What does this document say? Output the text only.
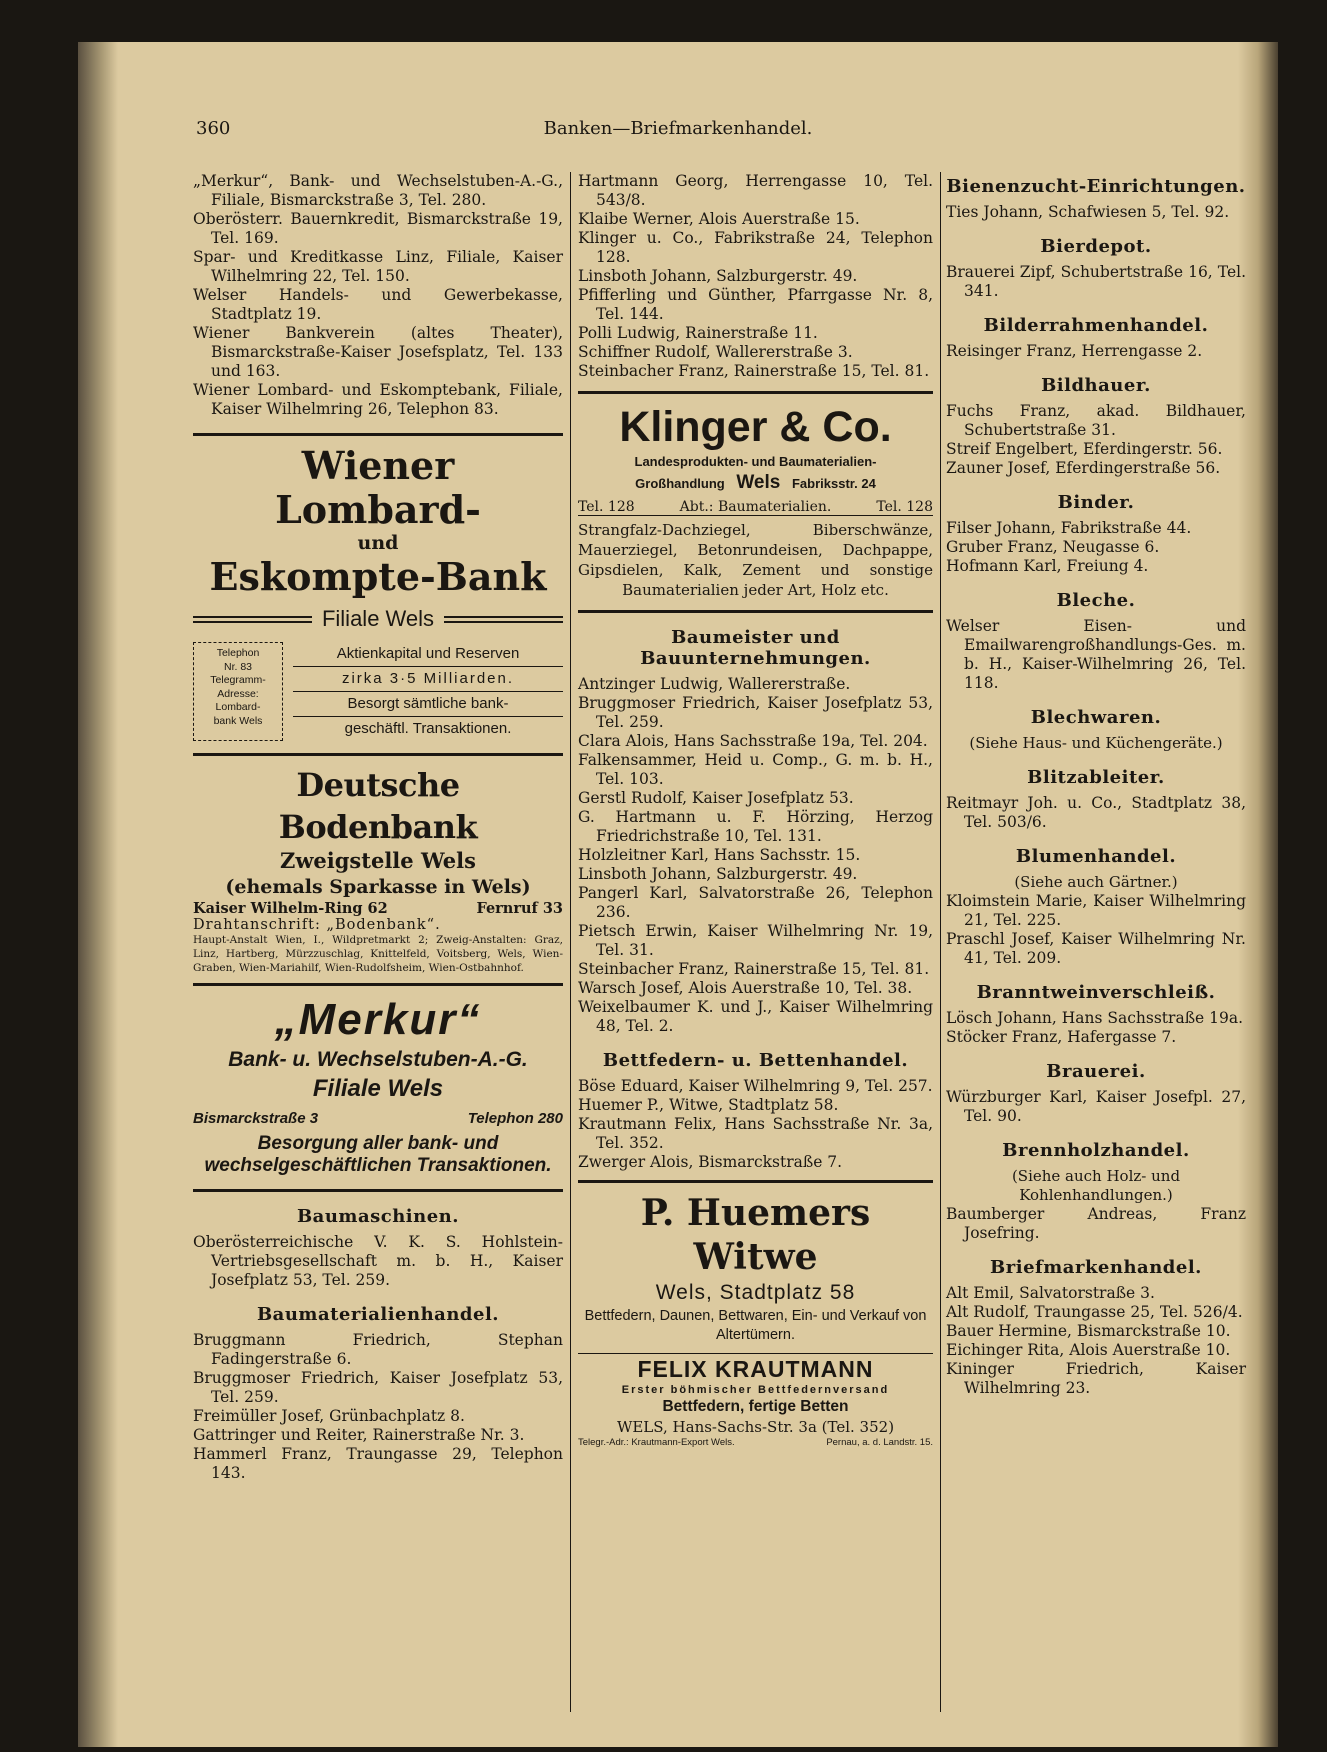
360	Banken—Briefmarkenhandel.
„Merkur“, Bank- und Wechselstuben-A.-G., Filiale, Bismarckstraße 3, Tel. 280.
Oberösterr. Bauernkredit, Bismarckstraße 19, Tel. 169.
Spar- und Kreditkasse Linz, Filiale, Kaiser Wilhelmring 22, Tel. 150.
Welser Handels- und Gewerbekasse, Stadtplatz 19.
Wiener Bankverein (altes Theater), Bismarckstraße-Kaiser Josefsplatz, Tel. 133 und 163.
Wiener Lombard- und Eskomptebank, Filiale, Kaiser Wilhelmring 26, Telephon 83.
Wiener Lombard-
und
Eskompte-Bank
Filiale Wels
Telephon
Nr. 83
Telegramm-
Adresse:
Lombard-
bank Wels
Aktienkapital und Reserven
zirka 3·5 Milliarden.
Besorgt sämtliche bank-
geschäftl. Transaktionen.
Deutsche Bodenbank
Zweigstelle Wels
(ehemals Sparkasse in Wels)
Kaiser Wilhelm-Ring 62	Fernruf 33
Drahtanschrift: „Bodenbank“.
Haupt-Anstalt Wien, I., Wildpretmarkt 2; Zweig-Anstalten: Graz, Linz, Hartberg, Mürzzuschlag, Knittelfeld, Voitsberg, Wels, Wien-Graben, Wien-Mariahilf, Wien-Rudolfsheim, Wien-Ostbahnhof.
„Merkur“
Bank- u. Wechselstuben-A.-G.
Filiale Wels
Bismarckstraße 3	Telephon 280
Besorgung aller bank- und wechselgeschäftlichen Transaktionen.
Baumaschinen.
Oberösterreichische V. K. S. Hohlstein-Vertriebsgesellschaft m. b. H., Kaiser Josefplatz 53, Tel. 259.
Baumaterialienhandel.
Bruggmann Friedrich, Stephan Fadingerstraße 6.
Bruggmoser Friedrich, Kaiser Josefplatz 53, Tel. 259.
Freimüller Josef, Grünbachplatz 8.
Gattringer und Reiter, Rainerstraße Nr. 3.
Hammerl Franz, Traungasse 29, Telephon 143.
Hartmann Georg, Herrengasse 10, Tel. 543/8.
Klaibe Werner, Alois Auerstraße 15.
Klinger u. Co., Fabrikstraße 24, Telephon 128.
Linsboth Johann, Salzburgerstr. 49.
Pfifferling und Günther, Pfarrgasse Nr. 8, Tel. 144.
Polli Ludwig, Rainerstraße 11.
Schiffner Rudolf, Wallererstraße 3.
Steinbacher Franz, Rainerstraße 15, Tel. 81.
Klinger & Co.
Landesprodukten- und Baumaterialien-
Großhandlung Wels Fabriksstr. 24
Tel. 128	Abt.: Baumaterialien.	Tel. 128
Strangfalz-Dachziegel, Biberschwänze, Mauerziegel, Betonrundeisen, Dachpappe, Gipsdielen, Kalk, Zement und sonstige Baumaterialien jeder Art, Holz etc.
Baumeister und Bauunternehmungen.
Antzinger Ludwig, Wallererstraße.
Bruggmoser Friedrich, Kaiser Josefplatz 53, Tel. 259.
Clara Alois, Hans Sachsstraße 19a, Tel. 204.
Falkensammer, Heid u. Comp., G. m. b. H., Tel. 103.
Gerstl Rudolf, Kaiser Josefplatz 53.
G. Hartmann u. F. Hörzing, Herzog Friedrichstraße 10, Tel. 131.
Holzleitner Karl, Hans Sachsstr. 15.
Linsboth Johann, Salzburgerstr. 49.
Pangerl Karl, Salvatorstraße 26, Telephon 236.
Pietsch Erwin, Kaiser Wilhelmring Nr. 19, Tel. 31.
Steinbacher Franz, Rainerstraße 15, Tel. 81.
Warsch Josef, Alois Auerstraße 10, Tel. 38.
Weixelbaumer K. und J., Kaiser Wilhelmring 48, Tel. 2.
Bettfedern- u. Bettenhandel.
Böse Eduard, Kaiser Wilhelmring 9, Tel. 257.
Huemer P., Witwe, Stadtplatz 58.
Krautmann Felix, Hans Sachsstraße Nr. 3a, Tel. 352.
Zwerger Alois, Bismarckstraße 7.
P. Huemers Witwe
Wels, Stadtplatz 58
Bettfedern, Daunen, Bettwaren, Ein- und Verkauf von Altertümern.
FELIX KRAUTMANN
Erster böhmischer Bettfedernversand
Bettfedern, fertige Betten
WELS, Hans-Sachs-Str. 3a (Tel. 352)
Telegr.-Adr.: Krautmann-Export Wels.	Pernau, a. d. Landstr. 15.
Bienenzucht-Einrichtungen.
Ties Johann, Schafwiesen 5, Tel. 92.
Bierdepot.
Brauerei Zipf, Schubertstraße 16, Tel. 341.
Bilderrahmenhandel.
Reisinger Franz, Herrengasse 2.
Bildhauer.
Fuchs Franz, akad. Bildhauer, Schubertstraße 31.
Streif Engelbert, Eferdingerstr. 56.
Zauner Josef, Eferdingerstraße 56.
Binder.
Filser Johann, Fabrikstraße 44.
Gruber Franz, Neugasse 6.
Hofmann Karl, Freiung 4.
Bleche.
Welser Eisen- und Emailwarengroßhandlungs-Ges. m. b. H., Kaiser-Wilhelmring 26, Tel. 118.
Blechwaren.
(Siehe Haus- und Küchengeräte.)
Blitzableiter.
Reitmayr Joh. u. Co., Stadtplatz 38, Tel. 503/6.
Blumenhandel.
(Siehe auch Gärtner.)
Kloimstein Marie, Kaiser Wilhelmring 21, Tel. 225.
Praschl Josef, Kaiser Wilhelmring Nr. 41, Tel. 209.
Branntweinverschleiß.
Lösch Johann, Hans Sachsstraße 19a.
Stöcker Franz, Hafergasse 7.
Brauerei.
Würzburger Karl, Kaiser Josefpl. 27, Tel. 90.
Brennholzhandel.
(Siehe auch Holz- und Kohlenhandlungen.)
Baumberger Andreas, Franz Josefring.
Briefmarkenhandel.
Alt Emil, Salvatorstraße 3.
Alt Rudolf, Traungasse 25, Tel. 526/4.
Bauer Hermine, Bismarckstraße 10.
Eichinger Rita, Alois Auerstraße 10.
Kininger Friedrich, Kaiser Wilhelmring 23.
